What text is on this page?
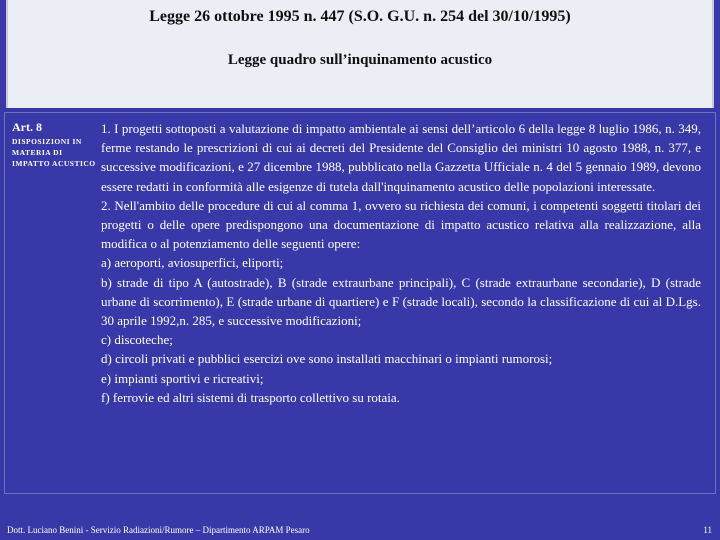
Legge 26 ottobre 1995 n. 447 (S.O. G.U. n. 254 del 30/10/1995)
Legge quadro sull’inquinamento acustico
Art. 8
DISPOSIZIONI IN MATERIA DI IMPATTO ACUSTICO

1. I progetti sottoposti a valutazione di impatto ambientale ai sensi dell’articolo 6 della legge 8 luglio 1986, n. 349, ferme restando le prescrizioni di cui ai decreti del Presidente del Consiglio dei ministri 10 agosto 1988, n. 377, e successive modificazioni, e 27 dicembre 1988, pubblicato nella Gazzetta Ufficiale n. 4 del 5 gennaio 1989, devono essere redatti in conformità alle esigenze di tutela dall'inquinamento acustico delle popolazioni interessate.

2. Nell'ambito delle procedure di cui al comma 1, ovvero su richiesta dei comuni, i competenti soggetti titolari dei progetti o delle opere predispongono una documentazione di impatto acustico relativa alla realizzazione, alla modifica o al potenziamento delle seguenti opere:

a) aeroporti, aviosuperfici, eliporti;

b) strade di tipo A (autostrade), B (strade extraurbane principali), C (strade extraurbane secondarie), D (strade urbane di scorrimento), E (strade urbane di quartiere) e F (strade locali), secondo la classificazione di cui al D.Lgs. 30 aprile 1992,n. 285, e successive modificazioni;

c) discoteche;

d) circoli privati e pubblici esercizi ove sono installati macchinari o impianti rumorosi;

e) impianti sportivi e ricreativi;

f) ferrovie ed altri sistemi di trasporto collettivo su rotaia.

Dott. Luciano Benini - Servizio Radiazioni/Rumore – Dipartimento ARPAM Pesaro	11
